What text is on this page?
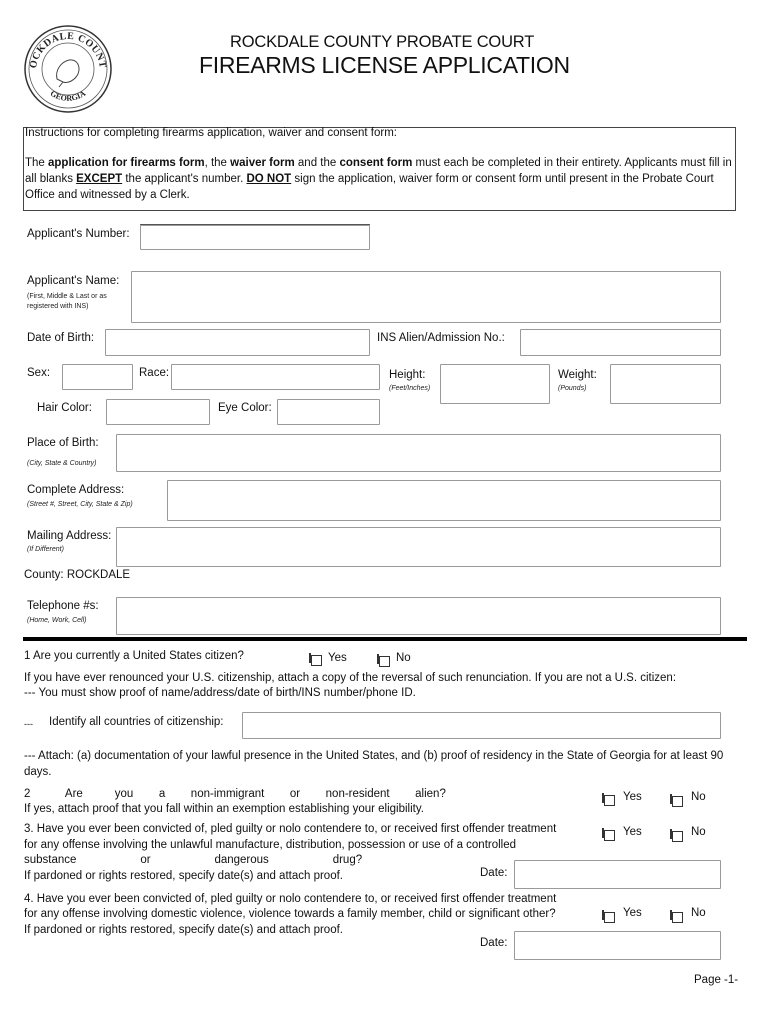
OCKDALE COUNT
GEORGIA
ROCKDALE COUNTY PROBATE COURT
FIREARMS LICENSE APPLICATION
Instructions for completing firearms application, waiver and consent form:
The application for firearms form, the waiver form and the consent form must each be completed in their entirety. Applicants must fill in all blanks EXCEPT the applicant's number. DO NOT sign the application, waiver form or consent form until present in the Probate Court Office and witnessed by a Clerk.
Applicant's Number:
Applicant's Name:
(First, Middle & Last or as registered with INS)
Date of Birth:	INS Alien/Admission No.:
Sex:	Race:	Height:
(Feet/Inches)
Weight:
(Pounds)
Hair Color:	Eye Color:
Place of Birth:
(City, State & Country)
Complete Address:
(Street #, Street, City, State & Zip)
Mailing Address:
(If Different)
County: ROCKDALE
Telephone #s:
(Home, Work, Cell)
1 Are you currently a United States citizen?	Yes	No
If you have ever renounced your U.S. citizenship, attach a copy of the reversal of such renunciation. If you are not a U.S. citizen:
--- You must show proof of name/address/date of birth/INS number/phone ID.
--- Identify all countries of citizenship:
--- Attach: (a) documentation of your lawful presence in the United States, and (b) proof of residency in the State of Georgia for at least 90 days.
2           Are          you        a        non-immigrant        or        non-resident        alien?
If yes, attach proof that you fall within an exemption establishing your eligibility.
Yes	No
3. Have you ever been convicted of, pled guilty or nolo contendere to, or received first offender treatment
for any offense involving the unlawful manufacture, distribution, possession or use of a controlled
substance                    or                    dangerous                    drug?
If pardoned or rights restored, specify date(s) and attach proof.
Yes	No
Date:
4. Have you ever been convicted of, pled guilty or nolo contendere to, or received first offender treatment
for any offense involving domestic violence, violence towards a family member, child or significant other?
If pardoned or rights restored, specify date(s) and attach proof.
Yes	No
Date:
Page -1-
